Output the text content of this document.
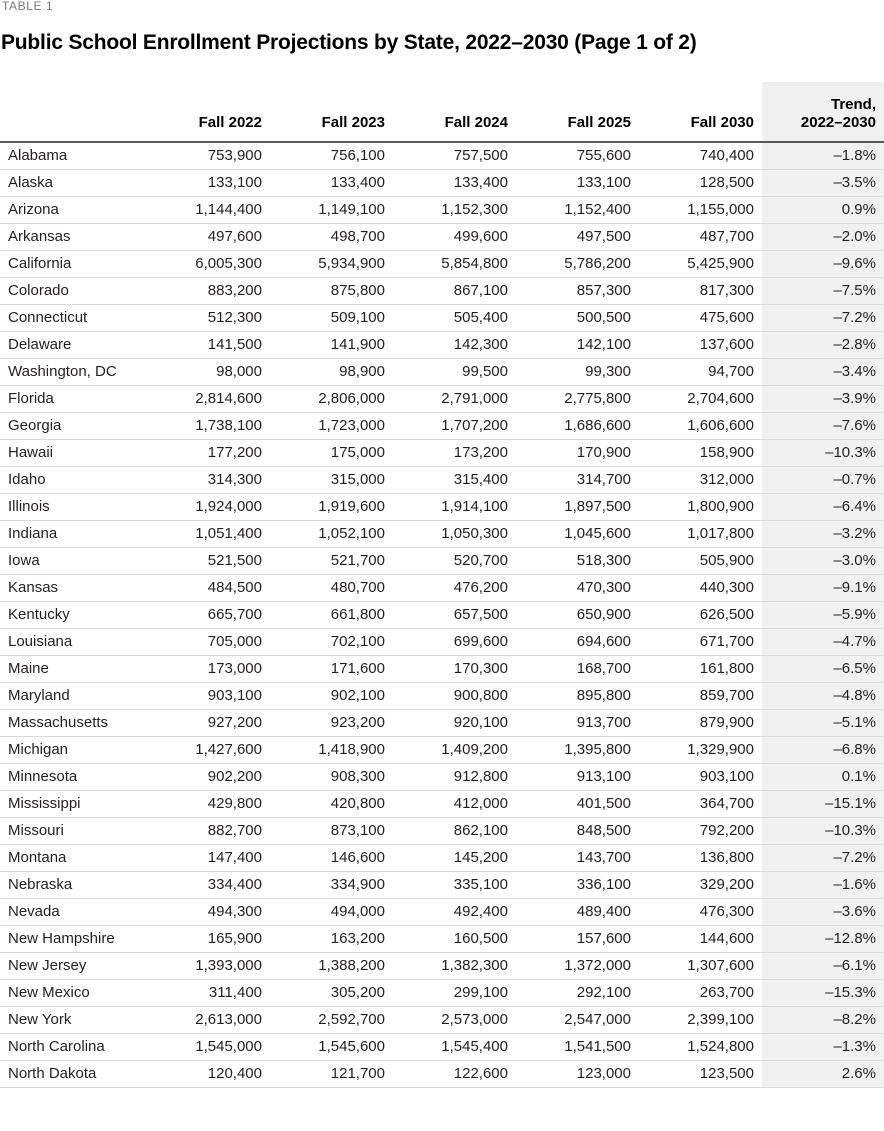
TABLE 1
Public School Enrollment Projections by State, 2022–2030 (Page 1 of 2)
	Fall 2022	Fall 2023	Fall 2024	Fall 2025	Fall 2030	Trend,
2022–2030
Alabama	753,900	756,100	757,500	755,600	740,400	–1.8%
Alaska	133,100	133,400	133,400	133,100	128,500	–3.5%
Arizona	1,144,400	1,149,100	1,152,300	1,152,400	1,155,000	0.9%
Arkansas	497,600	498,700	499,600	497,500	487,700	–2.0%
California	6,005,300	5,934,900	5,854,800	5,786,200	5,425,900	–9.6%
Colorado	883,200	875,800	867,100	857,300	817,300	–7.5%
Connecticut	512,300	509,100	505,400	500,500	475,600	–7.2%
Delaware	141,500	141,900	142,300	142,100	137,600	–2.8%
Washington, DC	98,000	98,900	99,500	99,300	94,700	–3.4%
Florida	2,814,600	2,806,000	2,791,000	2,775,800	2,704,600	–3.9%
Georgia	1,738,100	1,723,000	1,707,200	1,686,600	1,606,600	–7.6%
Hawaii	177,200	175,000	173,200	170,900	158,900	–10.3%
Idaho	314,300	315,000	315,400	314,700	312,000	–0.7%
Illinois	1,924,000	1,919,600	1,914,100	1,897,500	1,800,900	–6.4%
Indiana	1,051,400	1,052,100	1,050,300	1,045,600	1,017,800	–3.2%
Iowa	521,500	521,700	520,700	518,300	505,900	–3.0%
Kansas	484,500	480,700	476,200	470,300	440,300	–9.1%
Kentucky	665,700	661,800	657,500	650,900	626,500	–5.9%
Louisiana	705,000	702,100	699,600	694,600	671,700	–4.7%
Maine	173,000	171,600	170,300	168,700	161,800	–6.5%
Maryland	903,100	902,100	900,800	895,800	859,700	–4.8%
Massachusetts	927,200	923,200	920,100	913,700	879,900	–5.1%
Michigan	1,427,600	1,418,900	1,409,200	1,395,800	1,329,900	–6.8%
Minnesota	902,200	908,300	912,800	913,100	903,100	0.1%
Mississippi	429,800	420,800	412,000	401,500	364,700	–15.1%
Missouri	882,700	873,100	862,100	848,500	792,200	–10.3%
Montana	147,400	146,600	145,200	143,700	136,800	–7.2%
Nebraska	334,400	334,900	335,100	336,100	329,200	–1.6%
Nevada	494,300	494,000	492,400	489,400	476,300	–3.6%
New Hampshire	165,900	163,200	160,500	157,600	144,600	–12.8%
New Jersey	1,393,000	1,388,200	1,382,300	1,372,000	1,307,600	–6.1%
New Mexico	311,400	305,200	299,100	292,100	263,700	–15.3%
New York	2,613,000	2,592,700	2,573,000	2,547,000	2,399,100	–8.2%
North Carolina	1,545,000	1,545,600	1,545,400	1,541,500	1,524,800	–1.3%
North Dakota	120,400	121,700	122,600	123,000	123,500	2.6%
